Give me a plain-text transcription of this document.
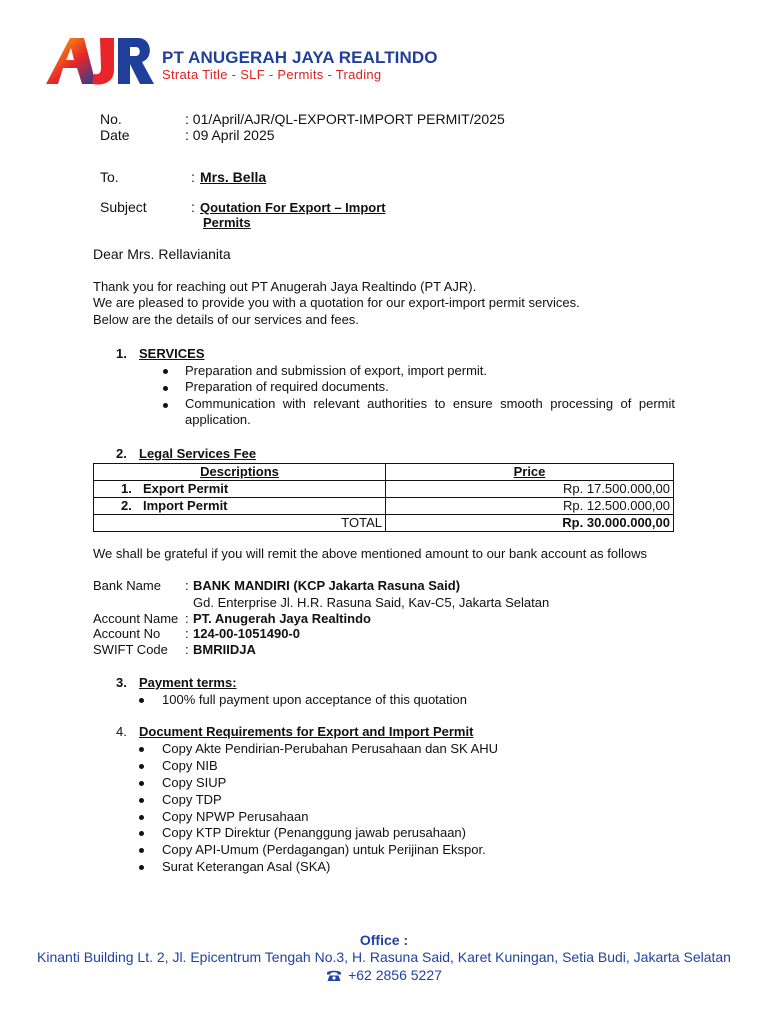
PT ANUGERAH JAYA REALTINDO
Strata Title - SLF - Permits - Trading
No.	: 01/April/AJR/QL-EXPORT-IMPORT PERMIT/2025
Date	: 09 April 2025
To.	: Mrs. Bella
Subject	: Qoutation For Export – Import
Permits
Dear Mrs. Rellavianita
Thank you for reaching out PT Anugerah Jaya Realtindo (PT AJR).
We are pleased to provide you with a quotation for our export-import permit services.
Below are the details of our services and fees.
1. SERVICES
Preparation and submission of export, import permit.
Preparation of required documents.
Communication with relevant authorities to ensure smooth processing of permit
application.
2. Legal Services Fee
Descriptions	Price
1. Export Permit	Rp. 17.500.000,00
2. Import Permit	Rp. 12.500.000,00
TOTAL	Rp. 30.000.000,00
We shall be grateful if you will remit the above mentioned amount to our bank account as follows
Bank Name : BANK MANDIRI (KCP Jakarta Rasuna Said)
Gd. Enterprise Jl. H.R. Rasuna Said, Kav-C5, Jakarta Selatan
Account Name : PT. Anugerah Jaya Realtindo
Account No : 124-00-1051490-0
SWIFT Code : BMRIIDJA
3. Payment terms:
100% full payment upon acceptance of this quotation
4. Document Requirements for Export and Import Permit
Copy Akte Pendirian-Perubahan Perusahaan dan SK AHU
Copy NIB
Copy SIUP
Copy TDP
Copy NPWP Perusahaan
Copy KTP Direktur (Penanggung jawab perusahaan)
Copy API-Umum (Perdagangan) untuk Perijinan Ekspor.
Surat Keterangan Asal (SKA)
Office :
Kinanti Building Lt. 2, Jl. Epicentrum Tengah No.3, H. Rasuna Said, Karet Kuningan, Setia Budi, Jakarta Selatan
+62 2856 5227
